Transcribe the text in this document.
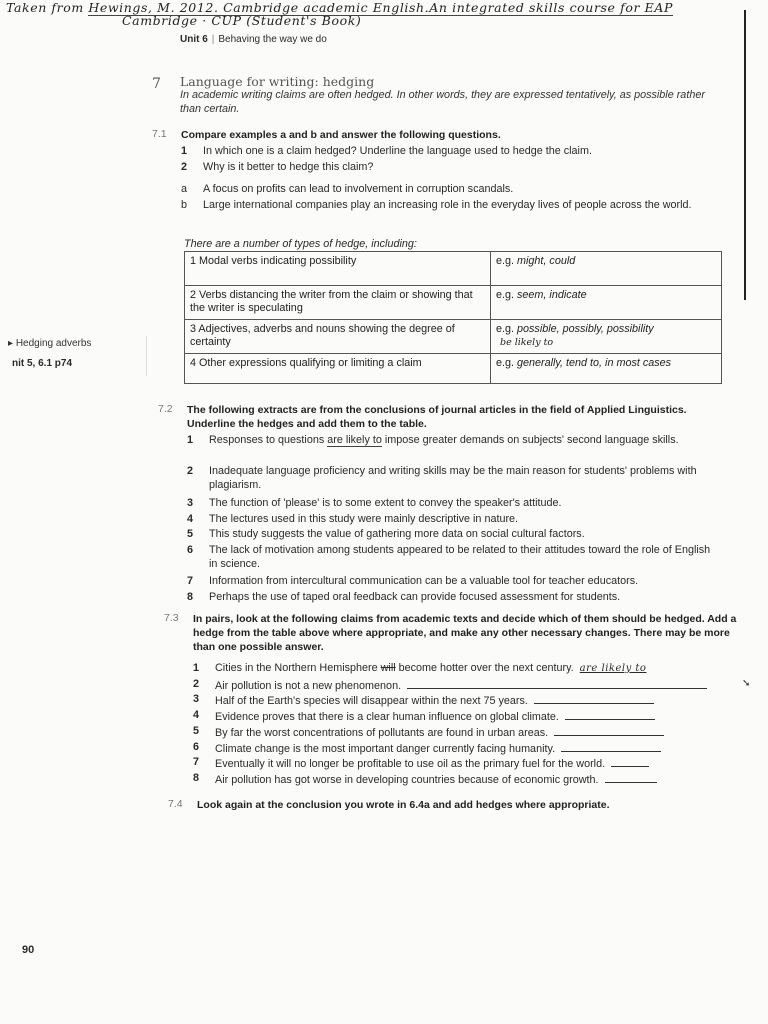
Taken from Hewings, M. 2012. Cambridge academic English.An integrated skills course for EAP
Cambridge · CUP (Student's Book)
Unit 6 | Behaving the way we do
▸ Hedging adverbs
nit 5, 6.1 p74
7 Language for writing: hedging
In academic writing claims are often hedged. In other words, they are expressed tentatively, as possible rather than certain.
7.1 Compare examples a and b and answer the following questions.
1	In which one is a claim hedged? Underline the language used to hedge the claim.
2	Why is it better to hedge this claim?
a	A focus on profits can lead to involvement in corruption scandals.
b	Large international companies play an increasing role in the everyday lives of people across the world.
There are a number of types of hedge, including:
1 Modal verbs indicating possibility	e.g. might, could
2 Verbs distancing the writer from the claim or showing that the writer is speculating	e.g. seem, indicate
3 Adjectives, adverbs and nouns showing the degree of certainty	e.g. possible, possibly, possibility
be likely to

4 Other expressions qualifying or limiting a claim	e.g. generally, tend to, in most cases
7.2 The following extracts are from the conclusions of journal articles in the field of Applied Linguistics. Underline the hedges and add them to the table.
1	Responses to questions are likely to impose greater demands on subjects' second language skills.
2	Inadequate language proficiency and writing skills may be the main reason for students' problems with plagiarism.
3	The function of 'please' is to some extent to convey the speaker's attitude.
4	The lectures used in this study were mainly descriptive in nature.
5	This study suggests the value of gathering more data on social cultural factors.
6	The lack of motivation among students appeared to be related to their attitudes toward the role of English in science.
7	Information from intercultural communication can be a valuable tool for teacher educators.
8	Perhaps the use of taped oral feedback can provide focused assessment for students.
7.3 In pairs, look at the following claims from academic texts and decide which of them should be hedged. Add a hedge from the table above where appropriate, and make any other necessary changes. There may be more than one possible answer.
1	Cities in the Northern Hemisphere will become hotter over the next century. are likely to
2	Air pollution is not a new phenomenon.
3	Half of the Earth's species will disappear within the next 75 years.
4	Evidence proves that there is a clear human influence on global climate.
5	By far the worst concentrations of pollutants are found in urban areas.
6	Climate change is the most important danger currently facing humanity.
7	Eventually it will no longer be profitable to use oil as the primary fuel for the world.
8	Air pollution has got worse in developing countries because of economic growth.
➘
7.4 Look again at the conclusion you wrote in 6.4a and add hedges where appropriate.
90
